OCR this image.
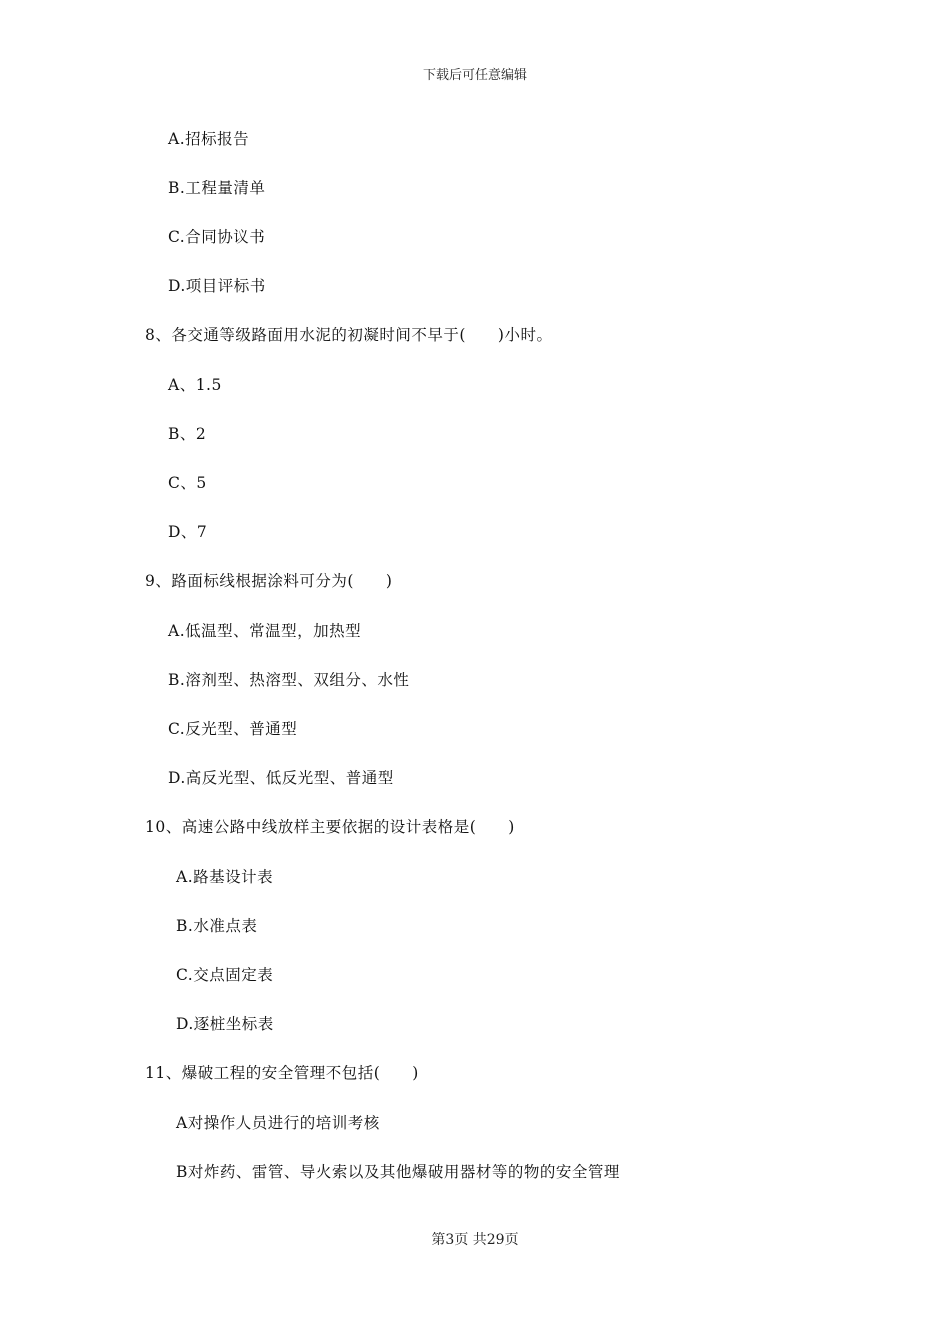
下载后可任意编辑
A.招标报告
B.工程量清单
C.合同协议书
D.项目评标书
8、各交通等级路面用水泥的初凝时间不早于(　　)小时。
A、1.5
B、2
C、5
D、7
9、路面标线根据涂料可分为(　　)
A.低温型、常温型，加热型
B.溶剂型、热溶型、双组分、水性
C.反光型、普通型
D.高反光型、低反光型、普通型
10、高速公路中线放样主要依据的设计表格是(　　)
A.路基设计表
B.水准点表
C.交点固定表
D.逐桩坐标表
11、爆破工程的安全管理不包括(　　)
A对操作人员进行的培训考核
B对炸药、雷管、导火索以及其他爆破用器材等的物的安全管理
第3页 共29页
